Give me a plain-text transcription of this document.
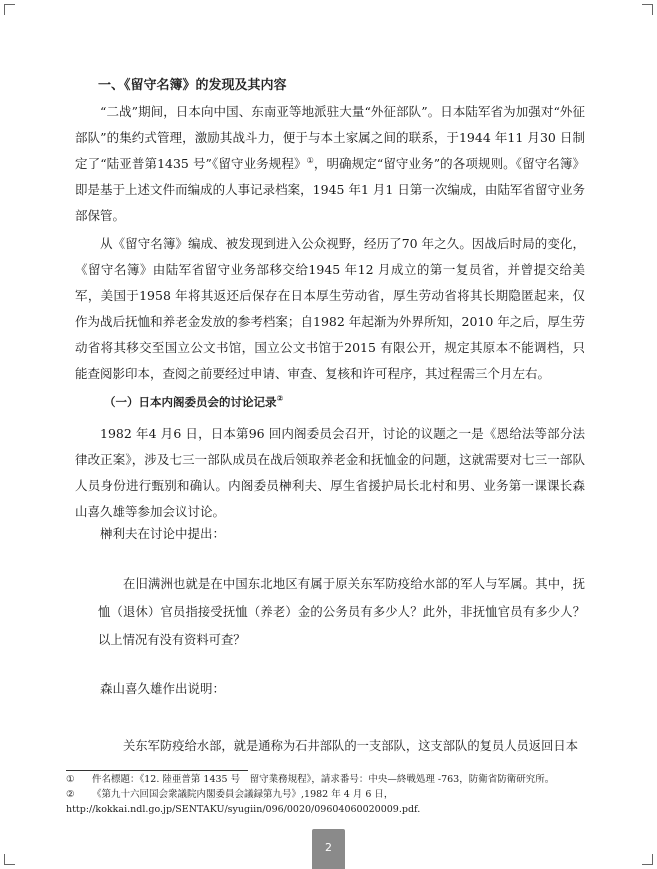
一、《留守名簿》的发现及其内容
“二战”期间，日本向中国、东南亚等地派驻大量“外征部队”。日本陆军省为加强对“外征部队”的集约式管理，激励其战斗力，便于与本土家属之间的联系，于1944 年11 月30 日制定了“陆亚普第1435 号”《留守业务规程》①，明确规定“留守业务”的各项规则。《留守名簿》即是基于上述文件而编成的人事记录档案，1945 年1 月1 日第一次编成，由陆军省留守业务部保管。
从《留守名簿》编成、被发现到进入公众视野，经历了70 年之久。因战后时局的变化，《留守名簿》由陆军省留守业务部移交给1945 年12 月成立的第一复员省，并曾提交给美军，美国于1958 年将其返还后保存在日本厚生劳动省，厚生劳动省将其长期隐匿起来，仅作为战后抚恤和养老金发放的参考档案；自1982 年起渐为外界所知，2010 年之后，厚生劳动省将其移交至国立公文书馆，国立公文书馆于2015 有限公开，规定其原本不能调档，只能查阅影印本，查阅之前要经过申请、审查、复核和许可程序，其过程需三个月左右。
（一）日本内阁委员会的讨论记录②
1982 年4 月6 日，日本第96 回内阁委员会召开，讨论的议题之一是《恩给法等部分法律改正案》，涉及七三一部队成员在战后领取养老金和抚恤金的问题，这就需要对七三一部队人员身份进行甄别和确认。内阁委员榊利夫、厚生省援护局长北村和男、业务第一课课长森山喜久雄等参加会议讨论。
榊利夫在讨论中提出：
在旧满洲也就是在中国东北地区有属于原关东军防疫给水部的军人与军属。其中，抚恤（退休）官员指接受抚恤（养老）金的公务员有多少人？此外，非抚恤官员有多少人？以上情况有没有资料可查？
森山喜久雄作出说明：
关东军防疫给水部，就是通称为石井部队的一支部队，这支部队的复员人员返回日本

① 件名標題：《12. 陸亜普第 1435 号　留守業務規程》，請求番号：中央—終戦処理 -763，防衛省防衛研究所。

② 《第九十六回国会衆議院内閣委員会議録第九号》,1982 年 4 月 6 日，http://kokkai.ndl.go.jp/SENTAKU/syugiin/096/0020/09604060020009.pdf.

2
